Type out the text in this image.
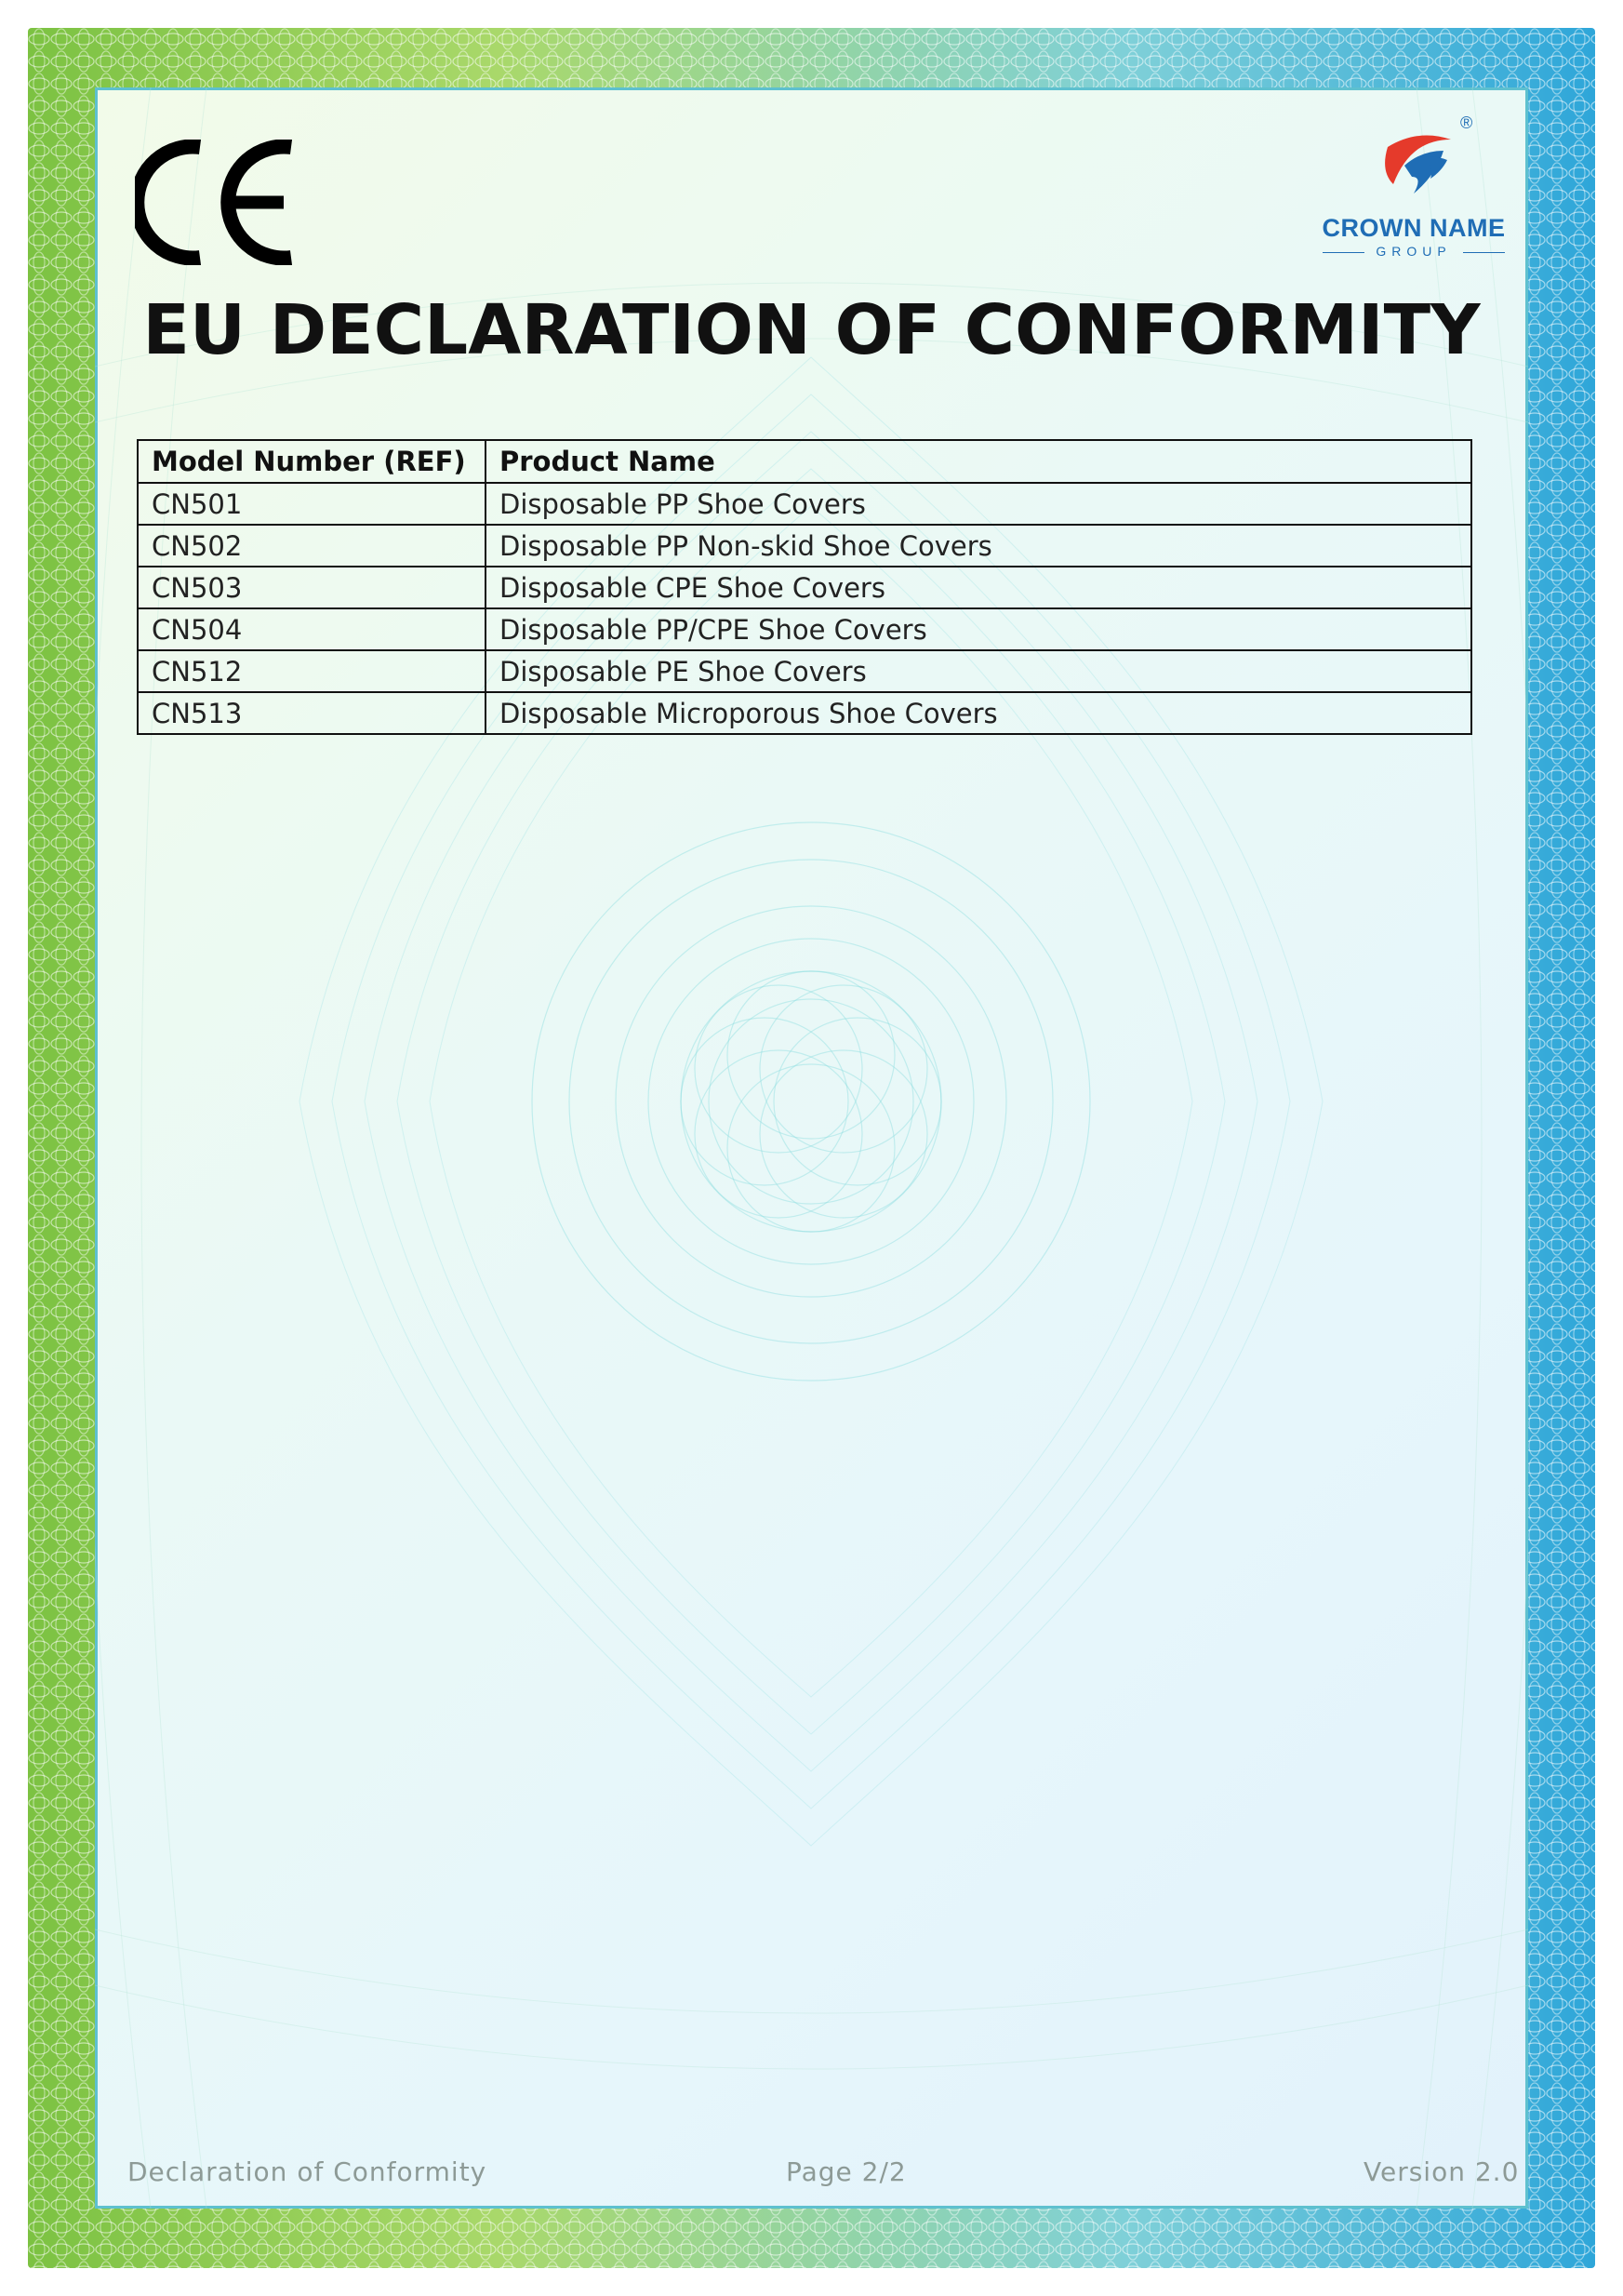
®
CROWN NAME
GROUP
EU DECLARATION OF CONFORMITY
Model Number (REF)	Product Name
CN501	Disposable PP Shoe Covers
CN502	Disposable PP Non-skid Shoe Covers
CN503	Disposable CPE Shoe Covers
CN504	Disposable PP/CPE Shoe Covers
CN512	Disposable PE Shoe Covers
CN513	Disposable Microporous Shoe Covers
Declaration of Conformity	Page 2/2	Version 2.0
